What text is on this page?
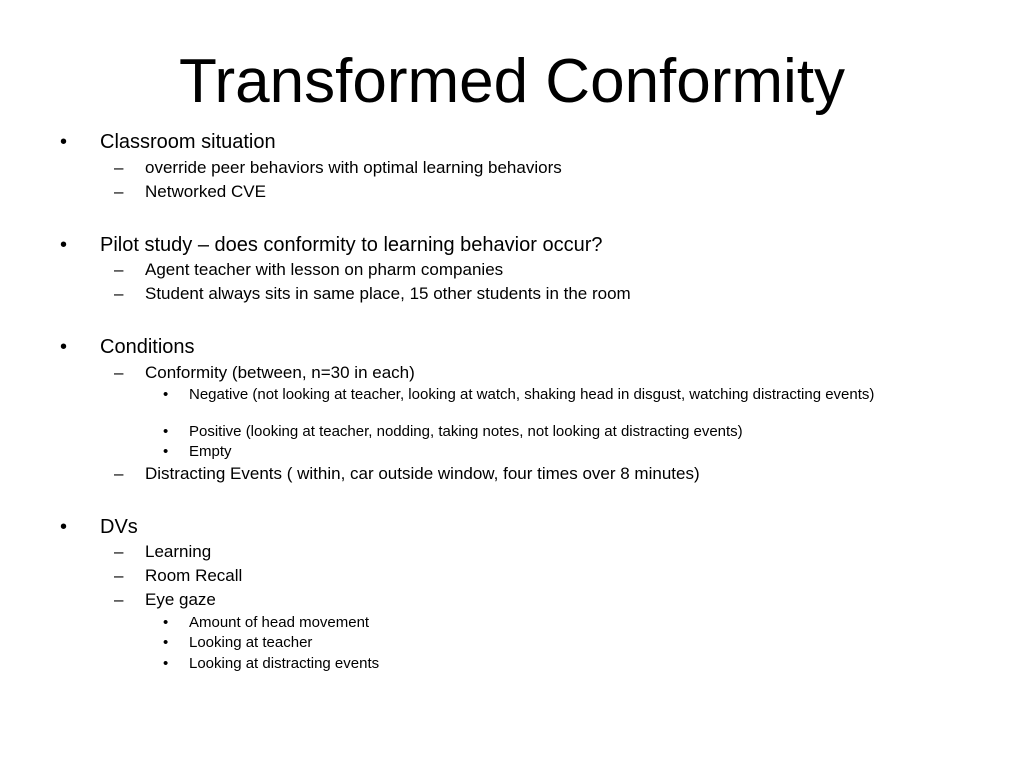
Transformed Conformity
• Classroom situation
– override peer behaviors with optimal learning behaviors
– Networked CVE
• Pilot study – does conformity to learning behavior occur?
– Agent teacher with lesson on pharm companies
– Student always sits in same place, 15 other students in the room
• Conditions
– Conformity (between, n=30 in each)
• Negative (not looking at teacher, looking at watch, shaking head in disgust, watching distracting events)
• Positive (looking at teacher, nodding, taking notes, not looking at distracting events)
• Empty
– Distracting Events ( within, car outside window, four times over 8 minutes)
• DVs
– Learning
– Room Recall
– Eye gaze
• Amount of head movement
• Looking at teacher
• Looking at distracting events
